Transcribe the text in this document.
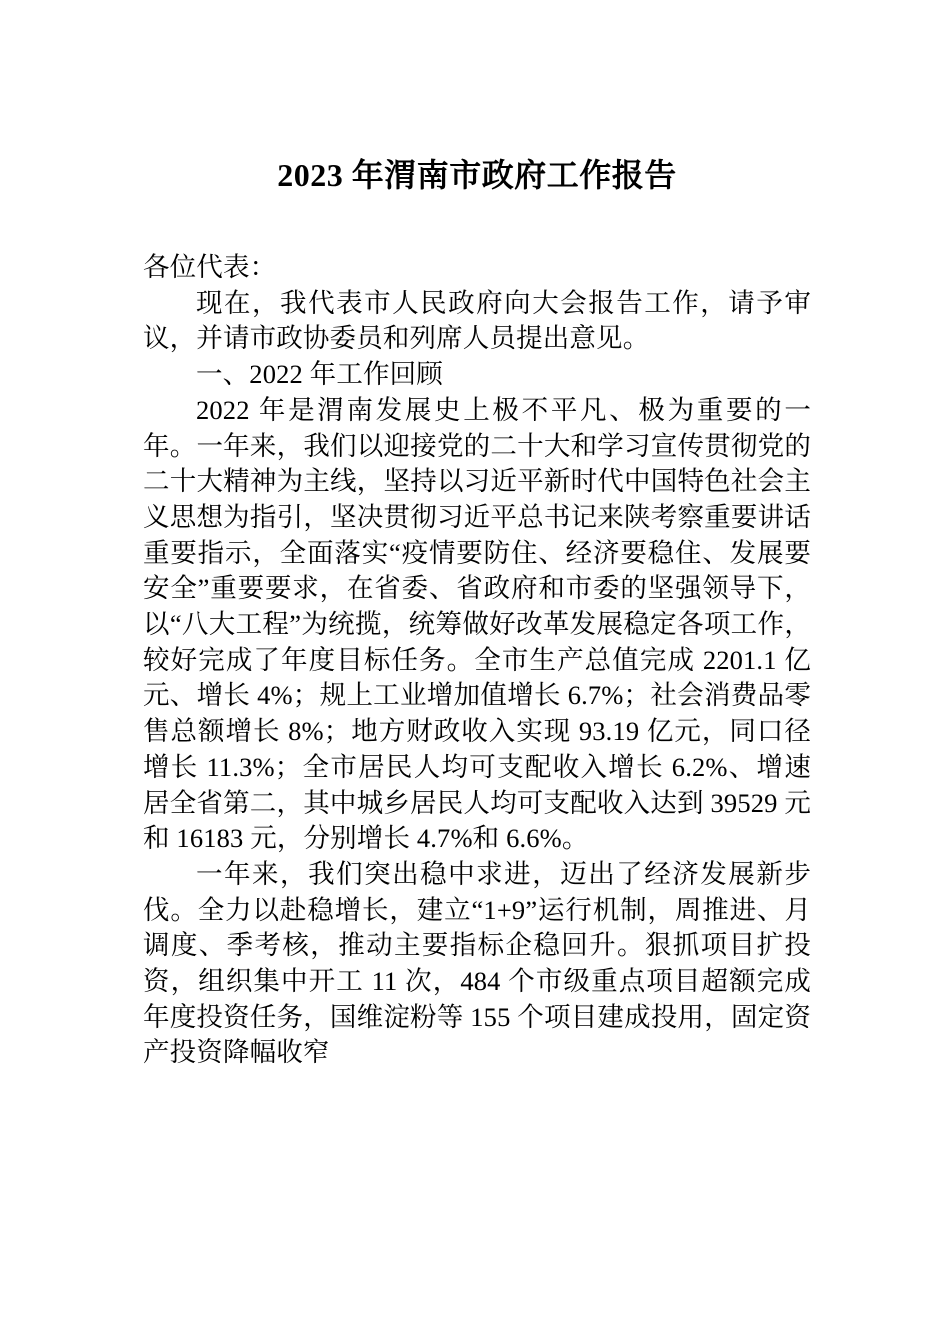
2023 年渭南市政府工作报告

各位代表：

现在，我代表市人民政府向大会报告工作，请予审议，并请市政协委员和列席人员提出意见。

一、2022 年工作回顾

2022 年是渭南发展史上极不平凡、极为重要的一年。一年来，我们以迎接党的二十大和学习宣传贯彻党的二十大精神为主线，坚持以习近平新时代中国特色社会主义思想为指引，坚决贯彻习近平总书记来陕考察重要讲话重要指示，全面落实“疫情要防住、经济要稳住、发展要安全”重要要求，在省委、省政府和市委的坚强领导下，以“八大工程”为统揽，统筹做好改革发展稳定各项工作，较好完成了年度目标任务。全市生产总值完成 2201.1 亿元、增长 4%；规上工业增加值增长 6.7%；社会消费品零售总额增长 8%；地方财政收入实现 93.19 亿元，同口径增长 11.3%；全市居民人均可支配收入增长 6.2%、增速居全省第二，其中城乡居民人均可支配收入达到 39529 元和 16183 元，分别增长 4.7%和 6.6%。

一年来，我们突出稳中求进，迈出了经济发展新步伐。全力以赴稳增长，建立“1+9”运行机制，周推进、月调度、季考核，推动主要指标企稳回升。狠抓项目扩投资，组织集中开工 11 次，484 个市级重点项目超额完成年度投资任务，国维淀粉等 155 个项目建成投用，固定资产投资降幅收窄
